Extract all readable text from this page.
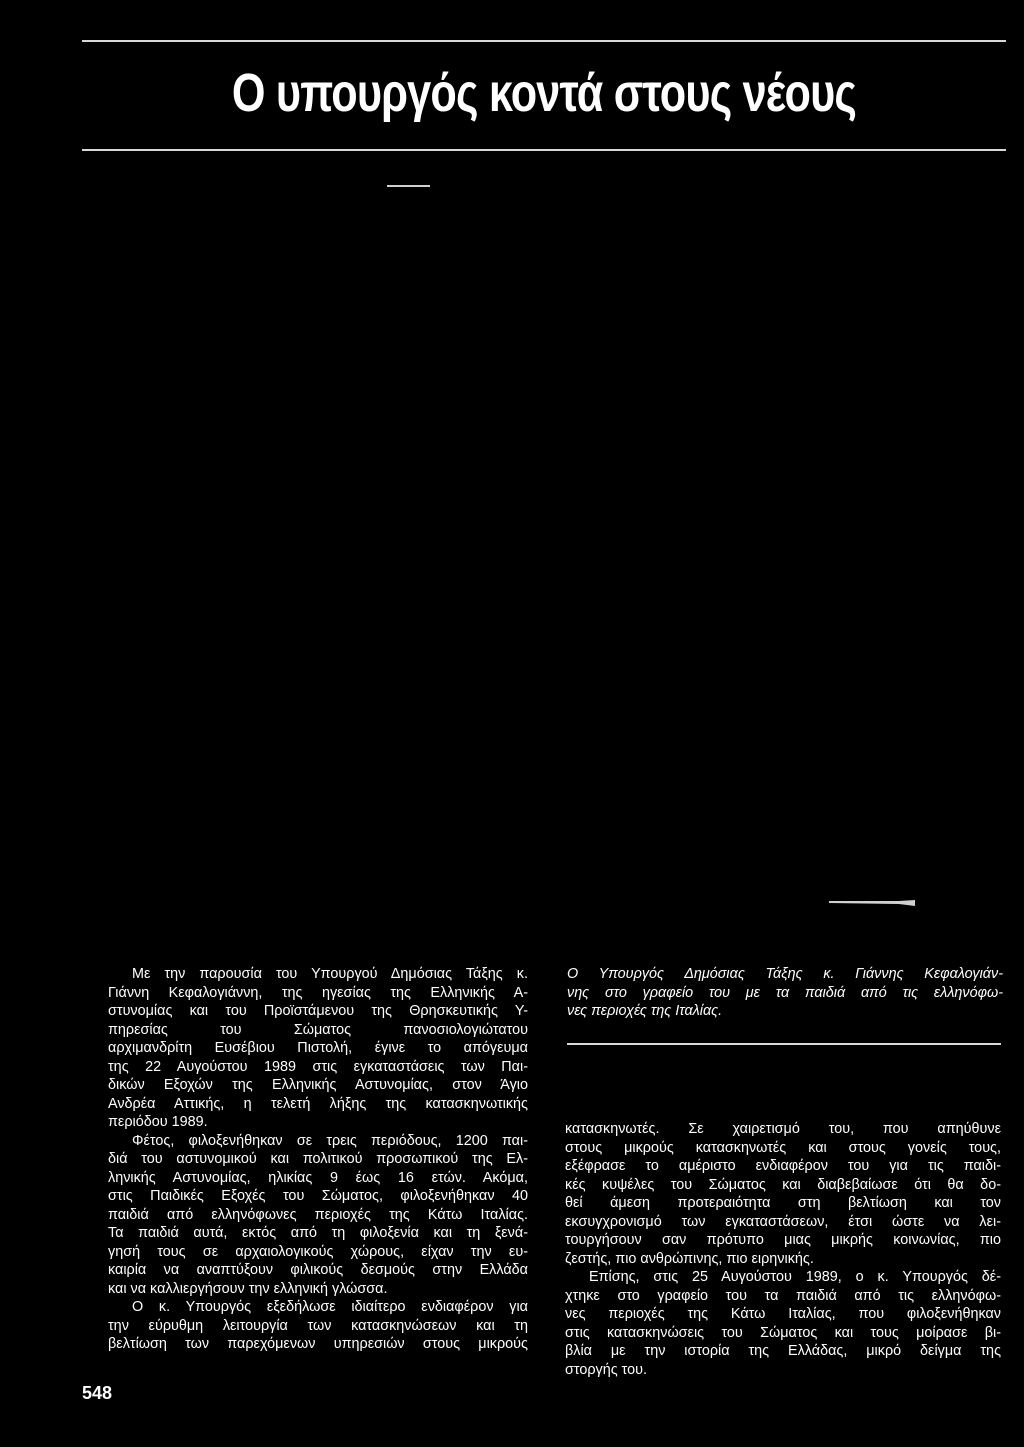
Ο υπουργός κοντά στους νέους

Ο Υπουργός Δημόσιας Τάξης κ. Γιάννης Κεφαλογιάν-

νης στο γραφείο του με τα παιδιά από τις ελληνόφω-

νες περιοχές της Ιταλίας.

Με την παρουσία του Υπουργού Δημόσιας Τάξης κ.

Γιάννη Κεφαλογιάννη, της ηγεσίας της Ελληνικής Α-

στυνομίας και του Προϊστάμενου της Θρησκευτικής Υ-

πηρεσίας του Σώματος πανοσιολογιώτατου

αρχιμανδρίτη Ευσέβιου Πιστολή, έγινε το απόγευμα

της 22 Αυγούστου 1989 στις εγκαταστάσεις των Παι-

δικών Εξοχών της Ελληνικής Αστυνομίας, στον Άγιο

Ανδρέα Αττικής, η τελετή λήξης της κατασκηνωτικής

περιόδου 1989.

Φέτος, φιλοξενήθηκαν σε τρεις περιόδους, 1200 παι-

διά του αστυνομικού και πολιτικού προσωπικού της Ελ-

ληνικής Αστυνομίας, ηλικίας 9 έως 16 ετών. Ακόμα,

στις Παιδικές Εξοχές του Σώματος, φιλοξενήθηκαν 40

παιδιά από ελληνόφωνες περιοχές της Κάτω Ιταλίας.

Τα παιδιά αυτά, εκτός από τη φιλοξενία και τη ξενά-

γησή τους σε αρχαιολογικούς χώρους, είχαν την ευ-

καιρία να αναπτύξουν φιλικούς δεσμούς στην Ελλάδα

και να καλλιεργήσουν την ελληνική γλώσσα.

Ο κ. Υπουργός εξεδήλωσε ιδιαίτερο ενδιαφέρον για

την εύρυθμη λειτουργία των κατασκηνώσεων και τη

βελτίωση των παρεχόμενων υπηρεσιών στους μικρούς

κατασκηνωτές. Σε χαιρετισμό του, που απηύθυνε

στους μικρούς κατασκηνωτές και στους γονείς τους,

εξέφρασε το αμέριστο ενδιαφέρον του για τις παιδι-

κές κυψέλες του Σώματος και διαβεβαίωσε ότι θα δο-

θεί άμεση προτεραιότητα στη βελτίωση και τον

εκσυγχρονισμό των εγκαταστάσεων, έτσι ώστε να λει-

τουργήσουν σαν πρότυπο μιας μικρής κοινωνίας, πιο

ζεστής, πιο ανθρώπινης, πιο ειρηνικής.

Επίσης, στις 25 Αυγούστου 1989, ο κ. Υπουργός δέ-

χτηκε στο γραφείο του τα παιδιά από τις ελληνόφω-

νες περιοχές της Κάτω Ιταλίας, που φιλοξενήθηκαν

στις κατασκηνώσεις του Σώματος και τους μοίρασε βι-

βλία με την ιστορία της Ελλάδας, μικρό δείγμα της

στοργής του.

548
